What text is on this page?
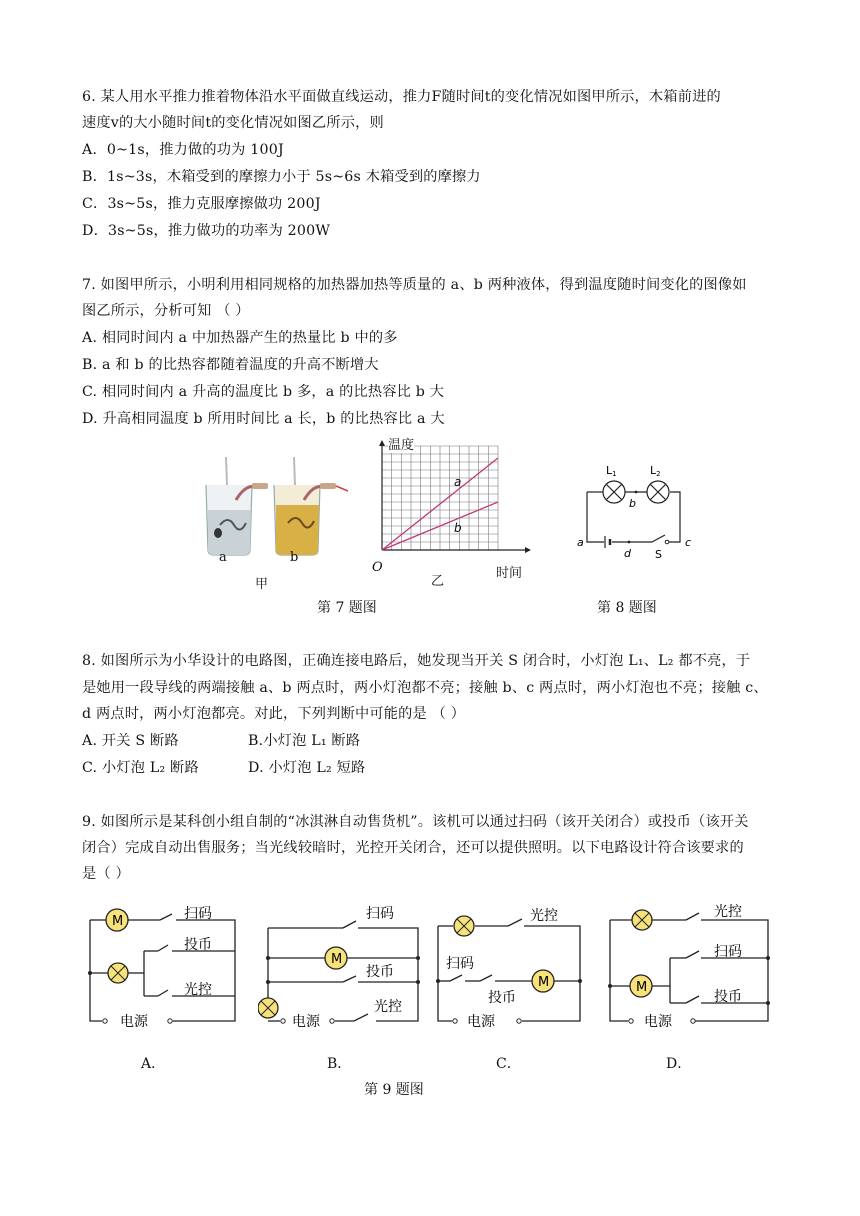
6. 某人用水平推力推着物体沿水平面做直线运动，推力F随时间t的变化情况如图甲所示，木箱前进的
速度v的大小随时间t的变化情况如图乙所示，则
A．0~1s，推力做的功为 100J
B．1s~3s，木箱受到的摩擦力小于 5s~6s 木箱受到的摩擦力
C．3s~5s，推力克服摩擦做功 200J
D．3s~5s，推力做功的功率为 200W
7. 如图甲所示，小明利用相同规格的加热器加热等质量的 a、b 两种液体，得到温度随时间变化的图像如
图乙所示，分析可知 （ ）
A. 相同时间内 a 中加热器产生的热量比 b 中的多
B. a 和 b 的比热容都随着温度的升高不断增大
C. 相同时间内 a 升高的温度比 b 多，a 的比热容比 b 大
D. 升高相同温度 b 所用时间比 a 长，b 的比热容比 a 大
a	b
甲
a
b
温度
O
乙
时间
第 7 题图
L1	L2
b
a
d S
c
第 8 题图
8. 如图所示为小华设计的电路图，正确连接电路后，她发现当开关 S 闭合时，小灯泡 L₁、L₂ 都不亮，于
是她用一段导线的两端接触 a、b 两点时，两小灯泡都不亮；接触 b、c 两点时，两小灯泡也不亮；接触 c、
d 两点时，两小灯泡都亮。对此，下列判断中可能的是 （ ）
A. 开关 S 断路	B.小灯泡 L₁ 断路
C. 小灯泡 L₂ 断路	D. 小灯泡 L₂ 短路
9. 如图所示是某科创小组自制的“冰淇淋自动售货机”。该机可以通过扫码（该开关闭合）或投币（该开关
闭合）完成自动出售服务；当光线较暗时，光控开关闭合，还可以提供照明。以下电路设计符合该要求的
是（ ）
M	扫码
投币
光控
电源
M
扫码
投币
光控
电源
M
光控
扫码
投币
电源
M
光控
扫码
投币
电源
A．	B．	C．	D．
第 9 题图
